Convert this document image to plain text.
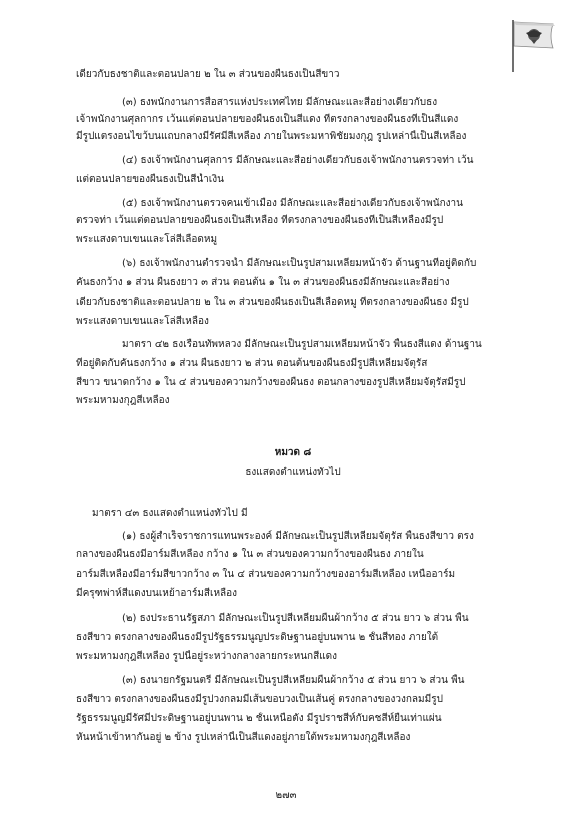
เดียวกับธงชาติและตอนปลาย ๒ ใน ๓ ส่วนของผืนธงเป็นสีขาว
(๓) ธงพนักงานการสื่อสารแห่งประเทศไทย มีลักษณะและสีอย่างเดียวกับธง
เจ้าพนักงานศุลกากร เว้นแต่ตอนปลายของผืนธงเป็นสีแดง ที่ตรงกลางของผืนธงที่เป็นสีแดง
มีรูปแตรงอนไขว้บนแถบกลางมีรัศมีสีเหลือง ภายในพระมหาพิชัยมงกุฎ รูปเหล่านี้เป็นสีเหลือง
(๔) ธงเจ้าพนักงานศุลการ มีลักษณะและสีอย่างเดียวกับธงเจ้าพนักงานตรวจท่า เว้น
แต่ตอนปลายของผืนธงเป็นสีน้ำเงิน
(๕) ธงเจ้าพนักงานตรวจคนเข้าเมือง มีลักษณะและสีอย่างเดียวกับธงเจ้าพนักงาน
ตรวจท่า เว้นแต่ตอนปลายของผืนธงเป็นสีเหลือง ที่ตรงกลางของผืนธงที่เป็นสีเหลืองมีรูป
พระแสงดาบเขนและโล่สีเลือดหมู
(๖) ธงเจ้าพนักงานตำรวจน้ำ มีลักษณะเป็นรูปสามเหลี่ยมหน้าจั่ว ด้านฐานที่อยู่ติดกับ
คันธงกว้าง ๑ ส่วน ผืนธงยาว ๓ ส่วน ตอนต้น ๑ ใน ๓ ส่วนของผืนธงมีลักษณะและสีอย่าง
เดียวกับธงชาติและตอนปลาย ๒ ใน ๓ ส่วนของผืนธงเป็นสีเลือดหมู ที่ตรงกลางของผืนธง มีรูป
พระแสงดาบเขนและโล่สีเหลือง
มาตรา ๔๒ ธงเรือนทัพหลวง มีลักษณะเป็นรูปสามเหลี่ยมหน้าจั่ว พื้นธงสีแดง ด้านฐาน
ที่อยู่ติดกับคันธงกว้าง ๑ ส่วน ผืนธงยาว ๒ ส่วน ตอนต้นของผืนธงมีรูปสี่เหลี่ยมจัตุรัส
สีขาว ขนาดกว้าง ๑ ใน ๔ ส่วนของความกว้างของผืนธง ตอนกลางของรูปสี่เหลี่ยมจัตุรัสมีรูป
พระมหามงกุฎสีเหลือง
หมวด ๘
ธงแสดงตำแหน่งทั่วไป
มาตรา ๔๓ ธงแสดงตำแหน่งทั่วไป มี
(๑) ธงผู้สำเร็จราชการแทนพระองค์ มีลักษณะเป็นรูปสี่เหลี่ยมจัตุรัส พื้นธงสีขาว ตรง
กลางของผืนธงมีอาร์มสีเหลือง กว้าง ๑ ใน ๓ ส่วนของความกว้างของผืนธง ภายใน
อาร์มสีเหลืองมีอาร์มสีขาวกว้าง ๓ ใน ๔ ส่วนของความกว้างของอาร์มสีเหลือง เหนืออาร์ม
มีครุฑพ่าห์สีแดงบนเหย้าอาร์มสีเหลือง
(๒) ธงประธานรัฐสภา มีลักษณะเป็นรูปสี่เหลี่ยมผืนผ้ากว้าง ๕ ส่วน ยาว ๖ ส่วน พื้น
ธงสีขาว ตรงกลางของผืนธงมีรูปรัฐธรรมนูญประดิษฐานอยู่บนพาน ๒ ชั้นสีทอง ภายใต้
พระมหามงกุฎสีเหลือง รูปนี้อยู่ระหว่างกลางลายกระหนกสีแดง
(๓) ธงนายกรัฐมนตรี มีลักษณะเป็นรูปสี่เหลี่ยมผืนผ้ากว้าง ๕ ส่วน ยาว ๖ ส่วน พื้น
ธงสีขาว ตรงกลางของผืนธงมีรูปวงกลมมีเส้นขอบวงเป็นเส้นคู่ ตรงกลางของวงกลมมีรูป
รัฐธรรมนูญมีรัศมีประดิษฐานอยู่บนพาน ๒ ชั้นเหนือตั่ง มีรูปราชสีห์กับคชสีห์ยืนเท่าแผ่น
หันหน้าเข้าหากันอยู่ ๒ ข้าง รูปเหล่านี้เป็นสีแดงอยู่ภายใต้พระมหามงกุฎสีเหลือง
๒๗๓
